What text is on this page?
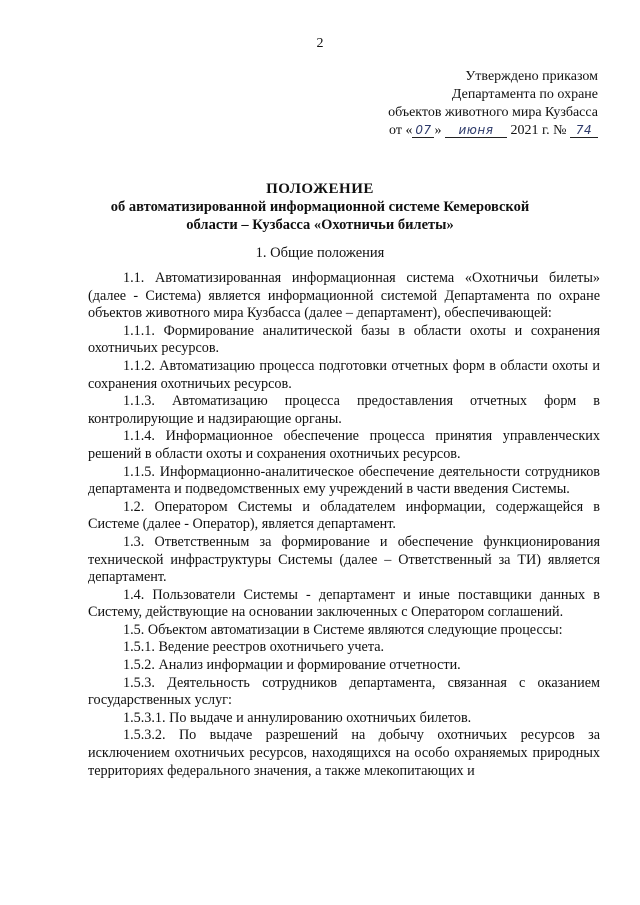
2
Утверждено приказом
Департамента по охране
объектов животного мира Кузбасса
от « 07 » июня 2021 г. № 74
ПОЛОЖЕНИЕ
об автоматизированной информационной системе Кемеровской
области – Кузбасса «Охотничьи билеты»
1. Общие положения

1.1. Автоматизированная информационная система «Охотничьи билеты» (далее - Система) является информационной системой Департамента по охране объектов животного мира Кузбасса (далее – департамент), обеспечивающей:

1.1.1. Формирование аналитической базы в области охоты и сохранения охотничьих ресурсов.

1.1.2. Автоматизацию процесса подготовки отчетных форм в области охоты и сохранения охотничьих ресурсов.

1.1.3. Автоматизацию процесса предоставления отчетных форм в контролирующие и надзирающие органы.

1.1.4. Информационное обеспечение процесса принятия управленческих решений в области охоты и сохранения охотничьих ресурсов.

1.1.5. Информационно-аналитическое обеспечение деятельности сотрудников департамента и подведомственных ему учреждений в части введения Системы.

1.2. Оператором Системы и обладателем информации, содержащейся в Системе (далее - Оператор), является департамент.

1.3. Ответственным за формирование и обеспечение функционирования технической инфраструктуры Системы (далее – Ответственный за ТИ) является департамент.

1.4. Пользователи Системы - департамент и иные поставщики данных в Систему, действующие на основании заключенных с Оператором соглашений.

1.5. Объектом автоматизации в Системе являются следующие процессы:

1.5.1. Ведение реестров охотничьего учета.

1.5.2. Анализ информации и формирование отчетности.

1.5.3. Деятельность сотрудников департамента, связанная с оказанием государственных услуг:

1.5.3.1. По выдаче и аннулированию охотничьих билетов.

1.5.3.2. По выдаче разрешений на добычу охотничьих ресурсов за исключением охотничьих ресурсов, находящихся на особо охраняемых природных территориях федерального значения, а также млекопитающих и
